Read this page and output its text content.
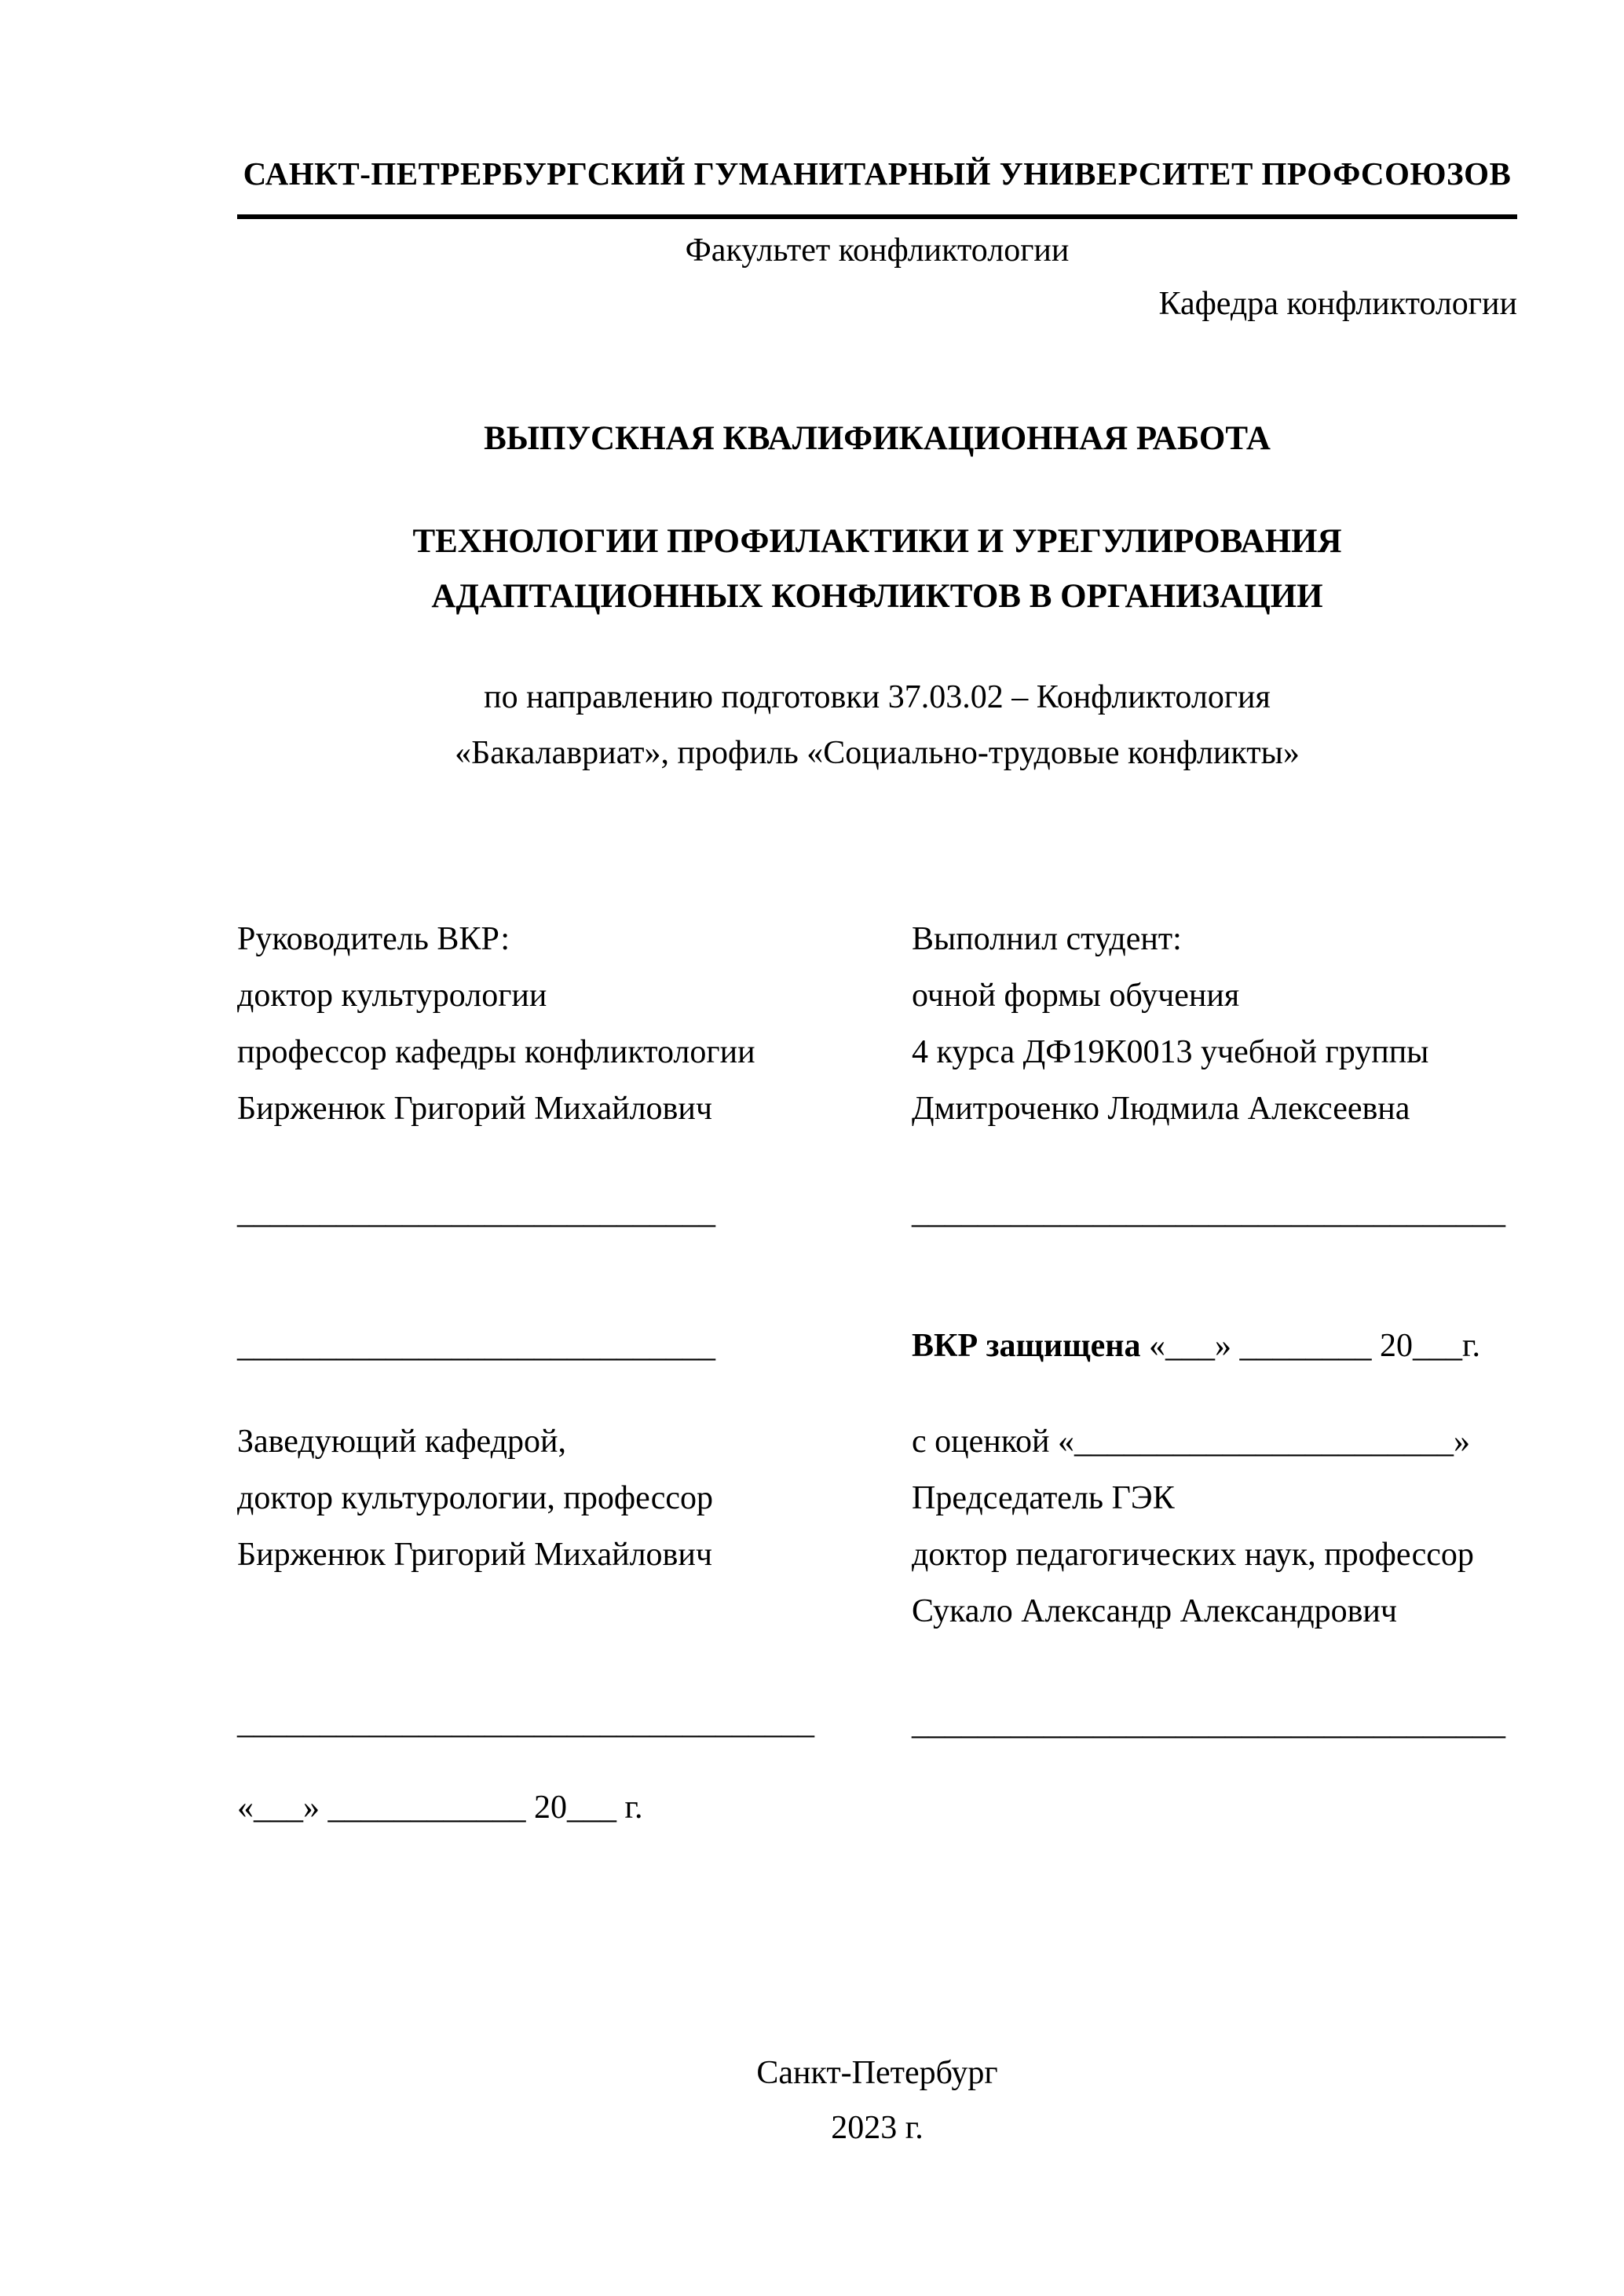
САНКТ-ПЕТРЕРБУРГСКИЙ ГУМАНИТАРНЫЙ УНИВЕРСИТЕТ ПРОФСОЮЗОВ
Факультет конфликтологии
Кафедра конфликтологии
ВЫПУСКНАЯ КВАЛИФИКАЦИОННАЯ РАБОТА
ТЕХНОЛОГИИ ПРОФИЛАКТИКИ И УРЕГУЛИРОВАНИЯ
АДАПТАЦИОННЫХ КОНФЛИКТОВ В ОРГАНИЗАЦИИ
по направлению подготовки 37.03.02 – Конфликтология
«Бакалавриат», профиль «Социально-трудовые конфликты»
Руководитель ВКР:
доктор культурологии
профессор кафедры конфликтологии
Бирженюк Григорий Михайлович
_____________________________
_____________________________
Заведующий кафедрой,
доктор культурологии, профессор
Бирженюк Григорий Михайлович
___________________________________
«___» ____________ 20___ г.
Выполнил студент:
очной формы обучения
4 курса ДФ19К0013 учебной группы
Дмитроченко Людмила Алексеевна
____________________________________
ВКР защищена «___» ________ 20___г.
с оценкой «_______________________»
Председатель ГЭК
доктор педагогических наук, профессор
Сукало Александр Александрович
____________________________________
Санкт-Петербург
2023 г.
